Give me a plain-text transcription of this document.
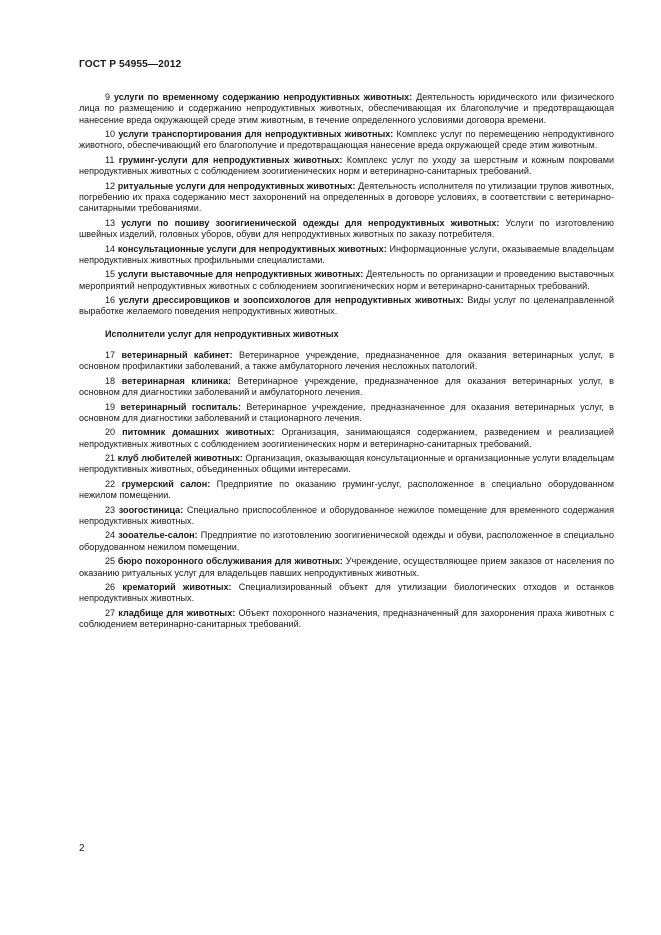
ГОСТ Р 54955—2012

9 услуги по временному содержанию непродуктивных животных: Деятельность юридического или физического лица по размещению и содержанию непродуктивных животных, обеспечивающая их благополучие и предотвращающая нанесение вреда окружающей среде этим животным, в течение определенного условиями договора времени.

10 услуги транспортирования для непродуктивных животных: Комплекс услуг по перемещению непродуктивного животного, обеспечивающий его благополучие и предотвращающая нанесение вреда окружающей среде этим животным.

11 груминг-услуги для непродуктивных животных: Комплекс услуг по уходу за шерстным и кожным покровами непродуктивных животных с соблюдением зоогигиенических норм и ветеринарно-санитарных требований.

12 ритуальные услуги для непродуктивных животных: Деятельность исполнителя по утилизации трупов животных, погребению их праха содержанию мест захоронений на определенных в договоре условиях, в соответствии с ветеринарно-санитарными требованиями.

13 услуги по пошиву зоогигиенической одежды для непродуктивных животных: Услуги по изготовлению швейных изделий, головных уборов, обуви для непродуктивных животных по заказу потребителя.

14 консультационные услуги для непродуктивных животных: Информационные услуги, оказываемые владельцам непродуктивных животных профильными специалистами.

15 услуги выставочные для непродуктивных животных: Деятельность по организации и проведению выставочных мероприятий непродуктивных животных с соблюдением зоогигиенических норм и ветеринарно-санитарных требований.

16 услуги дрессировщиков и зоопсихологов для непродуктивных животных: Виды услуг по целенаправленной выработке желаемого поведения непродуктивных животных.

Исполнители услуг для непродуктивных животных

17 ветеринарный кабинет: Ветеринарное учреждение, предназначенное для оказания ветеринарных услуг, в основном профилактики заболеваний, а также амбулаторного лечения несложных патологий.

18 ветеринарная клиника: Ветеринарное учреждение, предназначенное для оказания ветеринарных услуг, в основном для диагностики заболеваний и амбулаторного лечения.

19 ветеринарный госпиталь: Ветеринарное учреждение, предназначенное для оказания ветеринарных услуг, в основном для диагностики заболеваний и стационарного лечения.

20 питомник домашних животных: Организация, занимающаяся содержанием, разведением и реализацией непродуктивных животных с соблюдением зоогигиенических норм и ветеринарно-санитарных требований.

21 клуб любителей животных: Организация, оказывающая консультационные и организационные услуги владельцам непродуктивных животных, объединенных общими интересами.

22 грумерский салон: Предприятие по оказанию груминг-услуг, расположенное в специально оборудованном нежилом помещении.

23 зоогостиница: Специально приспособленное и оборудованное нежилое помещение для временного содержания непродуктивных животных.

24 зооателье-салон: Предприятие по изготовлению зоогигиенической одежды и обуви, расположенное в специально оборудованном нежилом помещении.

25 бюро похоронного обслуживания для животных: Учреждение, осуществляющее прием заказов от населения по оказанию ритуальных услуг для владельцев павших непродуктивных животных.

26 крематорий животных: Специализированный объект для утилизации биологических отходов и останков непродуктивных животных.

27 кладбище для животных: Объект похоронного назначения, предназначенный для захоронения праха животных с соблюдением ветеринарно-санитарных требований.

2
